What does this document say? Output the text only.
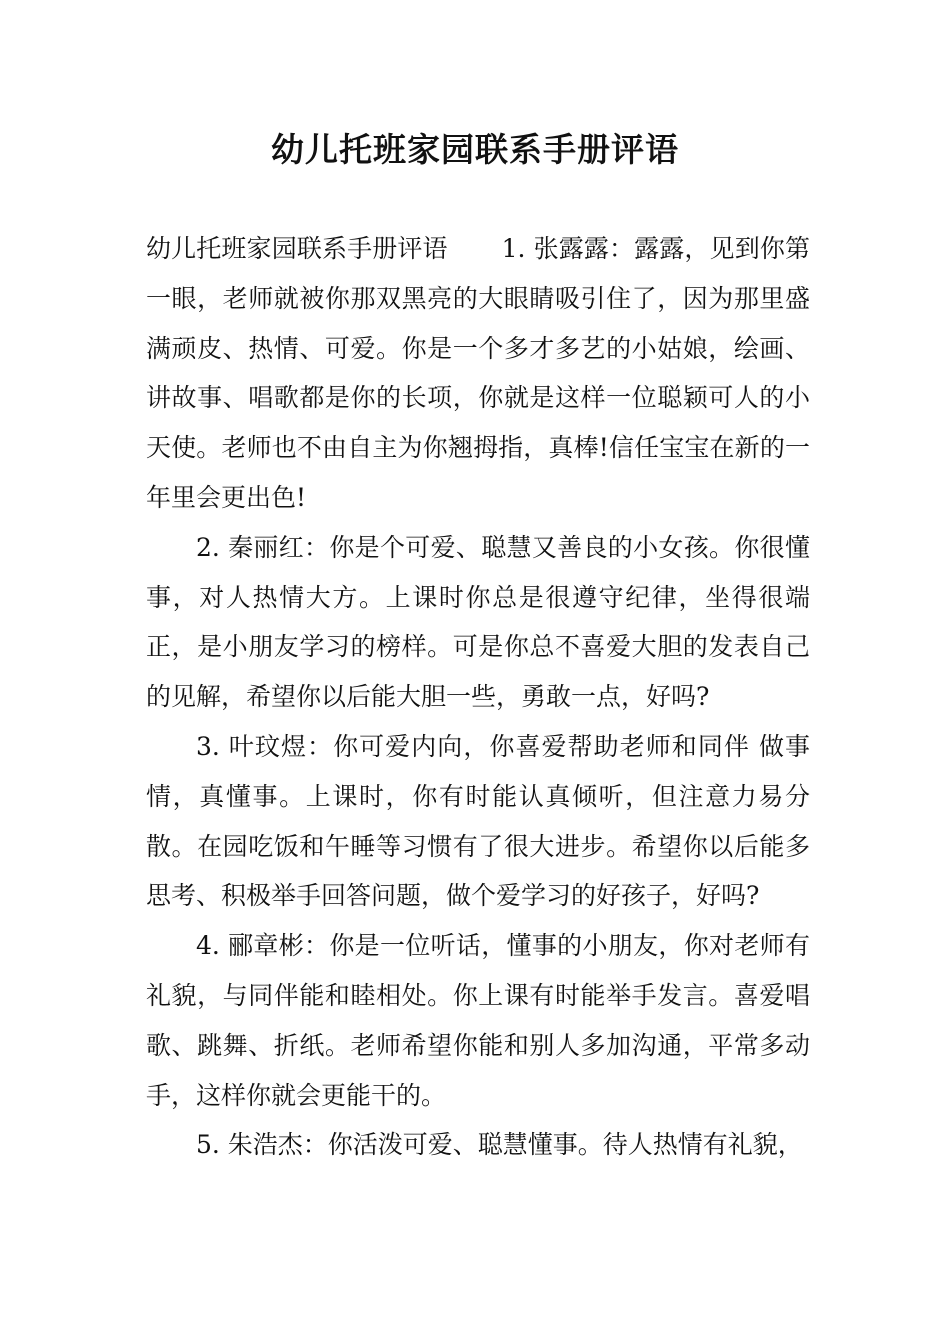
幼儿托班家园联系手册评语

幼儿托班家园联系手册评语 1. 张露露：露露，见到你第一眼，老师就被你那双黑亮的大眼睛吸引住了，因为那里盛满顽皮、热情、可爱。你是一个多才多艺的小姑娘，绘画、讲故事、唱歌都是你的长项，你就是这样一位聪颖可人的小天使。老师也不由自主为你翘拇指，真棒!信任宝宝在新的一年里会更出色!

2. 秦丽红：你是个可爱、聪慧又善良的小女孩。你很懂事，对人热情大方。上课时你总是很遵守纪律，坐得很端正，是小朋友学习的榜样。可是你总不喜爱大胆的发表自己的见解，希望你以后能大胆一些，勇敢一点，好吗?

3. 叶玟煜：你可爱内向，你喜爱帮助老师和同伴 做事情，真懂事。上课时，你有时能认真倾听，但注意力易分散。在园吃饭和午睡等习惯有了很大进步。希望你以后能多思考、积极举手回答问题，做个爱学习的好孩子，好吗?

4. 郦章彬：你是一位听话，懂事的小朋友，你对老师有礼貌，与同伴能和睦相处。你上课有时能举手发言。喜爱唱歌、跳舞、折纸。老师希望你能和别人多加沟通，平常多动手，这样你就会更能干的。

5. 朱浩杰：你活泼可爱、聪慧懂事。待人热情有礼貌，
